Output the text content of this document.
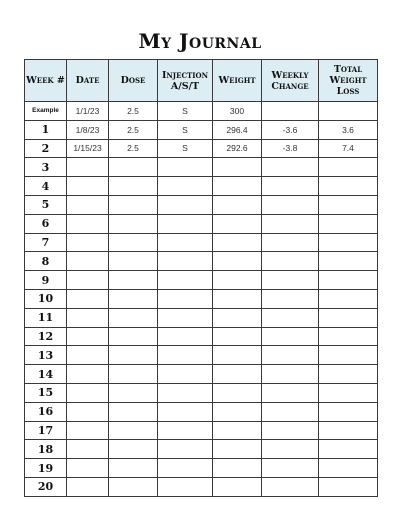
My Journal
Week #	Date	Dose	Injection A/S/T	Weight	Weekly Change	Total Weight Loss
Example	1/1/23	2.5	S	300		
1	1/8/23	2.5	S	296.4	-3.6	3.6
2	1/15/23	2.5	S	292.6	-3.8	7.4
3						
4						
5						
6						
7						
8						
9						
10						
11						
12						
13						
14						
15						
16						
17						
18						
19						
20						
